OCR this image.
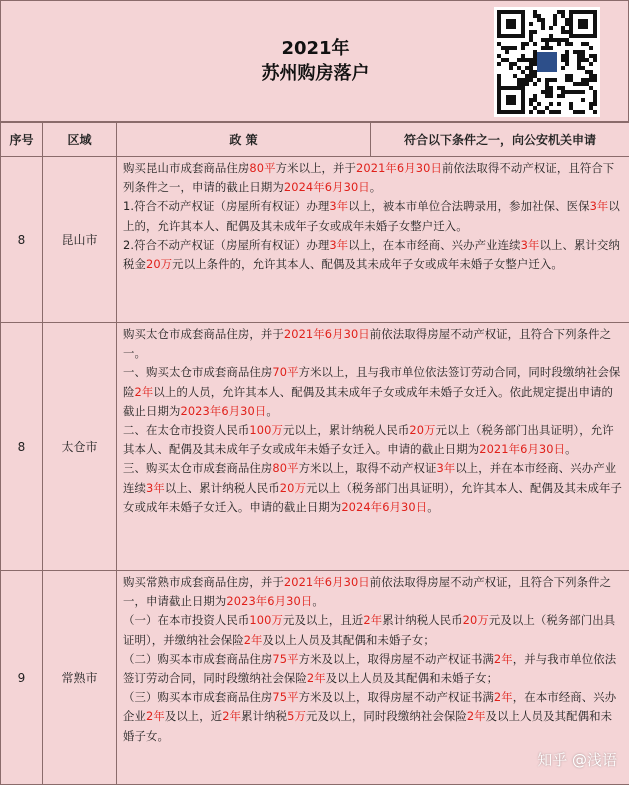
2021年
苏州购房落户
序号	区域	政 策	符合以下条件之一，向公安机关申请
8	昆山市	购买昆山市成套商品住房80平方米以上，并于2021年6月30日前依法取得不动产权证，且符合下列条件之一，申请的截止日期为2024年6月30日。
1.符合不动产权证（房屋所有权证）办理3年以上，被本市单位合法聘录用，参加社保、医保3年以上的，允许其本人、配偶及其未成年子女或成年未婚子女整户迁入。
2.符合不动产权证（房屋所有权证）办理3年以上，在本市经商、兴办产业连续3年以上、累计交纳税金20万元以上条件的，允许其本人、配偶及其未成年子女或成年未婚子女整户迁入。	
8	太仓市	购买太仓市成套商品住房，并于2021年6月30日前依法取得房屋不动产权证，且符合下列条件之一。
一、购买太仓市成套商品住房70平方米以上，且与我市单位依法签订劳动合同，同时段缴纳社会保险2年以上的人员，允许其本人、配偶及其未成年子女或成年未婚子女迁入。依此规定提出申请的截止日期为2023年6月30日。
二、在太仓市投资人民币100万元以上，累计纳税人民币20万元以上（税务部门出具证明），允许其本人、配偶及其未成年子女或成年未婚子女迁入。申请的截止日期为2021年6月30日。
三、购买太仓市成套商品住房80平方米以上，取得不动产权证3年以上，并在本市经商、兴办产业连续3年以上、累计纳税人民币20万元以上（税务部门出具证明），允许其本人、配偶及其未成年子女或成年未婚子女迁入。申请的截止日期为2024年6月30日。	
9	常熟市	购买常熟市成套商品住房，并于2021年6月30日前依法取得房屋不动产权证，且符合下列条件之一，申请截止日期为2023年6月30日。
（一）在本市投资人民币100万元及以上，且近2年累计纳税人民币20万元及以上（税务部门出具证明），并缴纳社会保险2年及以上人员及其配偶和未婚子女；
（二）购买本市成套商品住房75平方米及以上，取得房屋不动产权证书满2年，并与我市单位依法签订劳动合同，同时段缴纳社会保险2年及以上人员及其配偶和未婚子女；
（三）购买本市成套商品住房75平方米及以上，取得房屋不动产权证书满2年，在本市经商、兴办企业2年及以上，近2年累计纳税5万元及以上，同时段缴纳社会保险2年及以上人员及其配偶和未婚子女。	
知乎 @浅语
